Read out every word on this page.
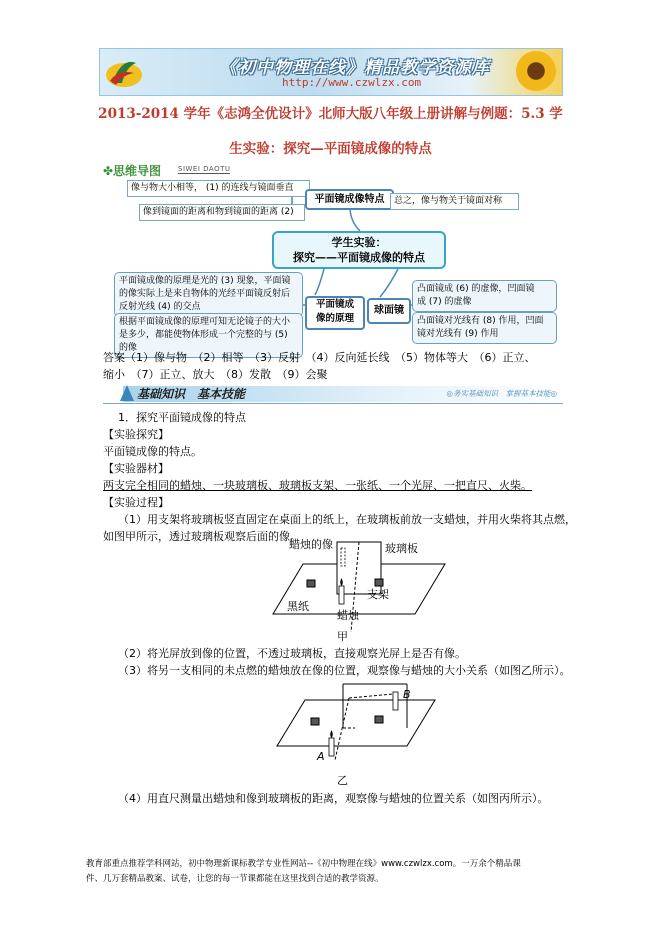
《初中物理在线》精品教学资源库
http://www.czwlzx.com
2013-2014 学年《志鸿全优设计》北师大版八年级上册讲解与例题：5.3 学
生实验：探究—平面镜成像的特点
✤思维导图 SIWEI DAOTU
像与物大小相等， (1) 的连线与镜面垂直
像到镜面的距离和物到镜面的距离 (2)
平面镜成像特点	总之，像与物关于镜面对称
学生实验：
探究——平面镜成像的特点
平面镜成像的原理是光的 (3) 现象，平面镜
的像实际上是来自物体的光经平面镜反射后
反射光线 (4) 的交点
根据平面镜成像的原理可知无论镜子的大小
是多少，都能使物体形成一个完整的与 (5)
的像
平面镜成
像的原理
球面镜
凸面镜成 (6) 的虚像，凹面镜
成 (7) 的虚像
凸面镜对光线有 (8) 作用，凹面
镜对光线有 (9) 作用
答案（1）像与物　（2）相等　（3）反射　（4）反向延长线　（5）物体等大　（6）正立、
缩小　（7）正立、放大　（8）发散　（9）会聚
基础知识　基本技能	◎务实基础知识　掌握基本技能◎
1．探究平面镜成像的特点
【实验探究】
平面镜成像的特点。
【实验器材】
两支完全相同的蜡烛、一块玻璃板、玻璃板支架、一张纸、一个光屏、一把直尺、火柴。
【实验过程】
（1）用支架将玻璃板竖直固定在桌面上的纸上，在玻璃板前放一支蜡烛，并用火柴将其点燃，
如图甲所示，透过玻璃板观察后面的像。
蜡烛的像	玻璃板
黑纸
支架
蜡烛
甲
（2）将光屏放到像的位置，不透过玻璃板，直接观察光屏上是否有像。
（3）将另一支相同的未点燃的蜡烛放在像的位置，观察像与蜡烛的大小关系（如图乙所示）。
A
B
乙
（4）用直尺测量出蜡烛和像到玻璃板的距离，观察像与蜡烛的位置关系（如图丙所示）。
教育部重点推荐学科网站，初中物理新课标教学专业性网站--《初中物理在线》www.czwlzx.com。一万余个精品课
件、几万套精品教案、试卷，让您的每一节课都能在这里找到合适的教学资源。
